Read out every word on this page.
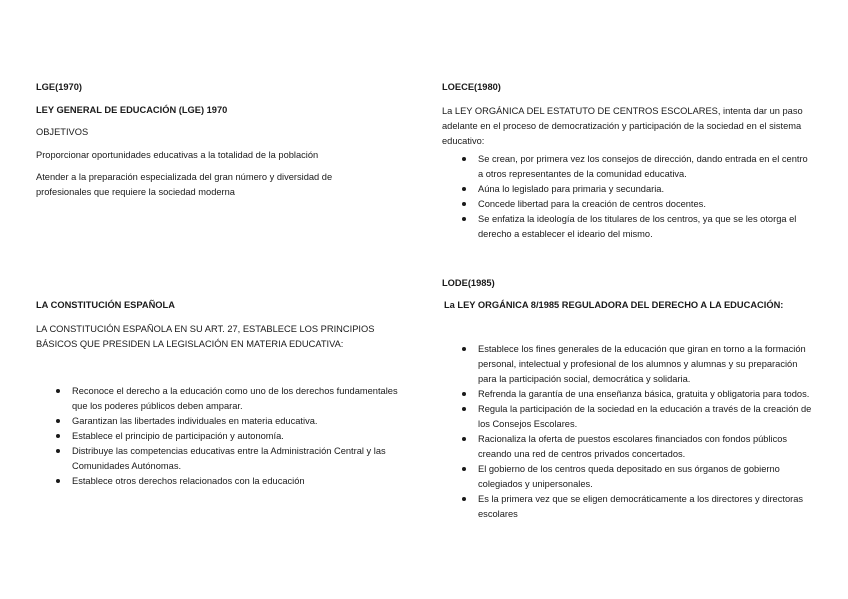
LGE(1970)

LEY GENERAL DE EDUCACIÓN (LGE) 1970

OBJETIVOS

Proporcionar oportunidades educativas a la totalidad de la población

Atender a la preparación especializada del gran número y diversidad de profesionales que requiere la sociedad moderna

LA CONSTITUCIÓN ESPAÑOLA

LA CONSTITUCIÓN ESPAÑOLA EN SU ART. 27, ESTABLECE LOS PRINCIPIOS BÁSICOS QUE PRESIDEN LA LEGISLACIÓN EN MATERIA EDUCATIVA:

Reconoce el derecho a la educación como uno de los derechos fundamentales que los poderes públicos deben amparar.
Garantizan las libertades individuales en materia educativa.
Establece el principio de participación y autonomía.
Distribuye las competencias educativas entre la Administración Central y las Comunidades Autónomas.
Establece otros derechos relacionados con la educación

LOECE(1980)

La LEY ORGÁNICA DEL ESTATUTO DE CENTROS ESCOLARES, intenta dar un paso adelante en el proceso de democratización y participación de la sociedad en el sistema educativo:

Se crean, por primera vez los consejos de dirección, dando entrada en el centro a otros representantes de la comunidad educativa.
Aúna lo legislado para primaria y secundaria.
Concede libertad para la creación de centros docentes.
Se enfatiza la ideología de los titulares de los centros, ya que se les otorga el derecho a establecer el ideario del mismo.

LODE(1985)

La LEY ORGÁNICA 8/1985 REGULADORA DEL DERECHO A LA EDUCACIÓN:

Establece los fines generales de la educación que giran en torno a la formación personal, intelectual y profesional de los alumnos y alumnas y su preparación para la participación social, democrática y solidaria.
Refrenda la garantía de una enseñanza básica, gratuita y obligatoria para todos.
Regula la participación de la sociedad en la educación a través de la creación de los Consejos Escolares.
Racionaliza la oferta de puestos escolares financiados con fondos públicos creando una red de centros privados concertados.
El gobierno de los centros queda depositado en sus órganos de gobierno colegiados y unipersonales.
Es la primera vez que se eligen democráticamente a los directores y directoras escolares
